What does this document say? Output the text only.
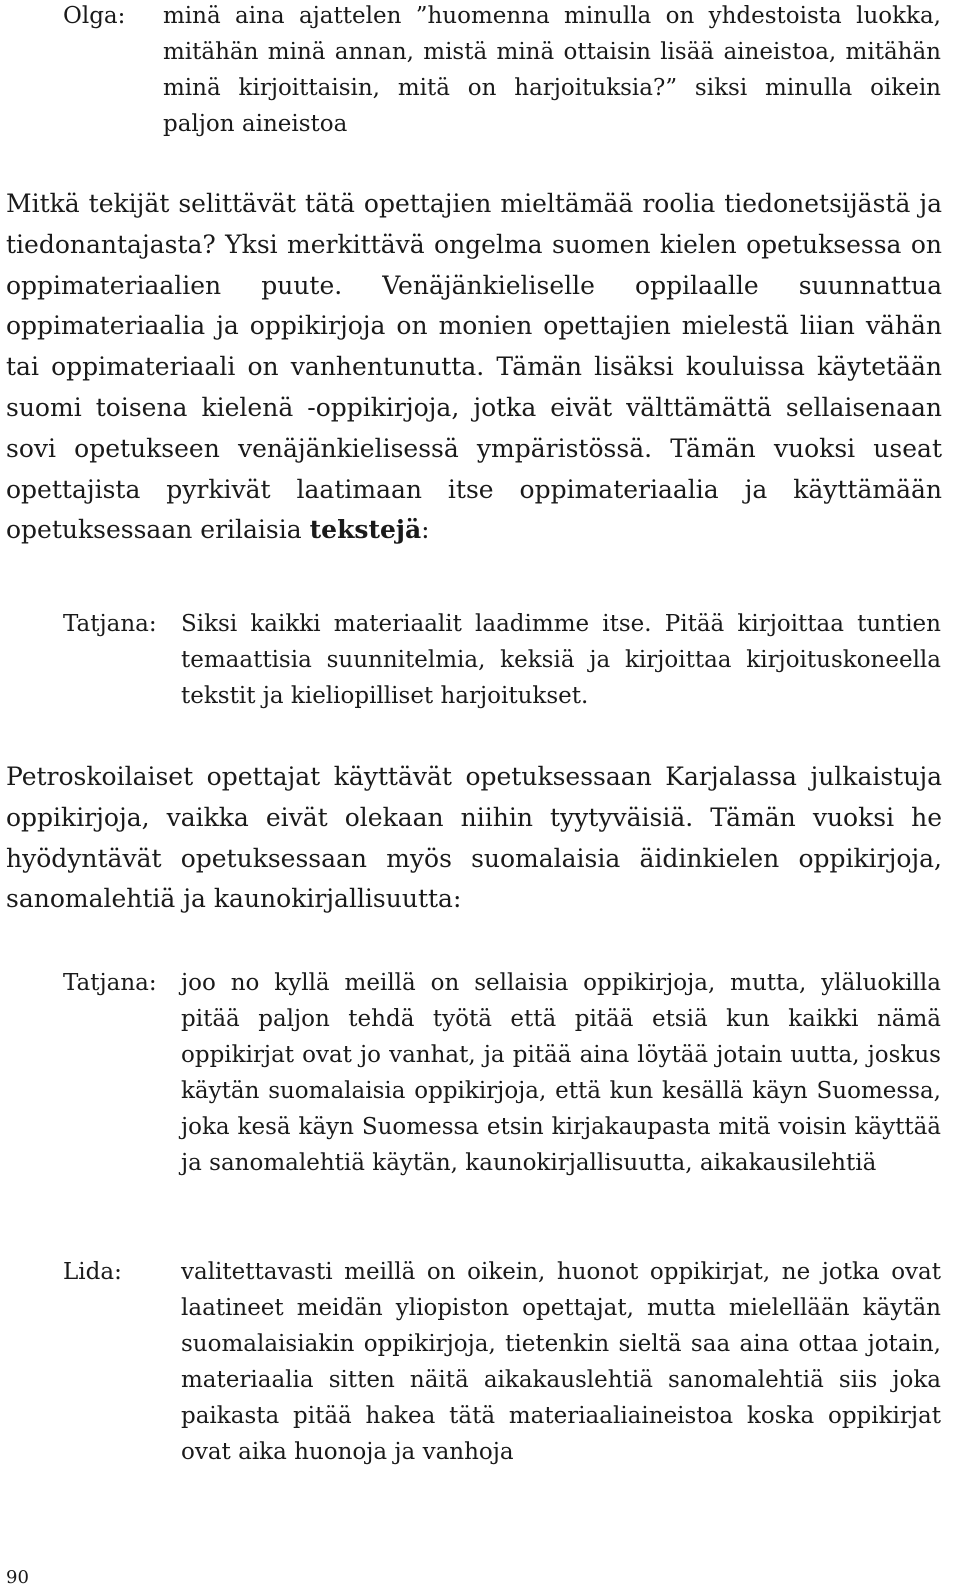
Olga: minä aina ajattelen ”huomenna minulla on yhdestoista luokka, mitähän minä annan, mistä minä ottaisin lisää aineistoa, mitähän minä kirjoittaisin, mitä on harjoituksia?” siksi minulla oikein paljon aineistoa
Mitkä tekijät selittävät tätä opettajien mieltämää roolia tiedonetsijästä ja tiedonantajasta? Yksi merkittävä ongelma suomen kielen opetuksessa on oppimateriaalien puute. Venäjänkieliselle oppilaalle suunnattua oppimateriaalia ja oppikirjoja on monien opettajien mielestä liian vähän tai oppimateriaali on vanhentunutta. Tämän lisäksi kouluissa käytetään suomi toisena kielenä -oppikirjoja, jotka eivät välttämättä sellaisenaan sovi opetukseen venäjänkielisessä ympäristössä. Tämän vuoksi useat opettajista pyrkivät laatimaan itse oppimateriaalia ja käyttämään opetuksessaan erilaisia tekstejä:
Tatjana: Siksi kaikki materiaalit laadimme itse. Pitää kirjoittaa tuntien temaattisia suunnitelmia, keksiä ja kirjoittaa kirjoituskoneella tekstit ja kieliopilliset harjoitukset.
Petroskoilaiset opettajat käyttävät opetuksessaan Karjalassa julkaistuja oppikirjoja, vaikka eivät olekaan niihin tyytyväisiä. Tämän vuoksi he hyödyntävät opetuksessaan myös suomalaisia äidinkielen oppikirjoja, sanomalehtiä ja kaunokirjallisuutta:
Tatjana: joo no kyllä meillä on sellaisia oppikirjoja, mutta, yläluokilla pitää paljon tehdä työtä että pitää etsiä kun kaikki nämä oppikirjat ovat jo vanhat, ja pitää aina löytää jotain uutta, joskus käytän suomalaisia oppikirjoja, että kun kesällä käyn Suomessa, joka kesä käyn Suomessa etsin kirjakaupasta mitä voisin käyttää ja sanomalehtiä käytän, kaunokirjallisuutta, aikakausilehtiä
Lida:	valitettavasti meillä on oikein, huonot oppikirjat, ne jotka ovat laatineet meidän yliopiston opettajat, mutta mielellään käytän suomalaisiakin oppikirjoja, tietenkin sieltä saa aina ottaa jotain, materiaalia sitten näitä aikakauslehtiä sanomalehtiä siis joka paikasta pitää hakea tätä materiaaliaineistoa koska oppikirjat ovat aika huonoja ja vanhoja
90
